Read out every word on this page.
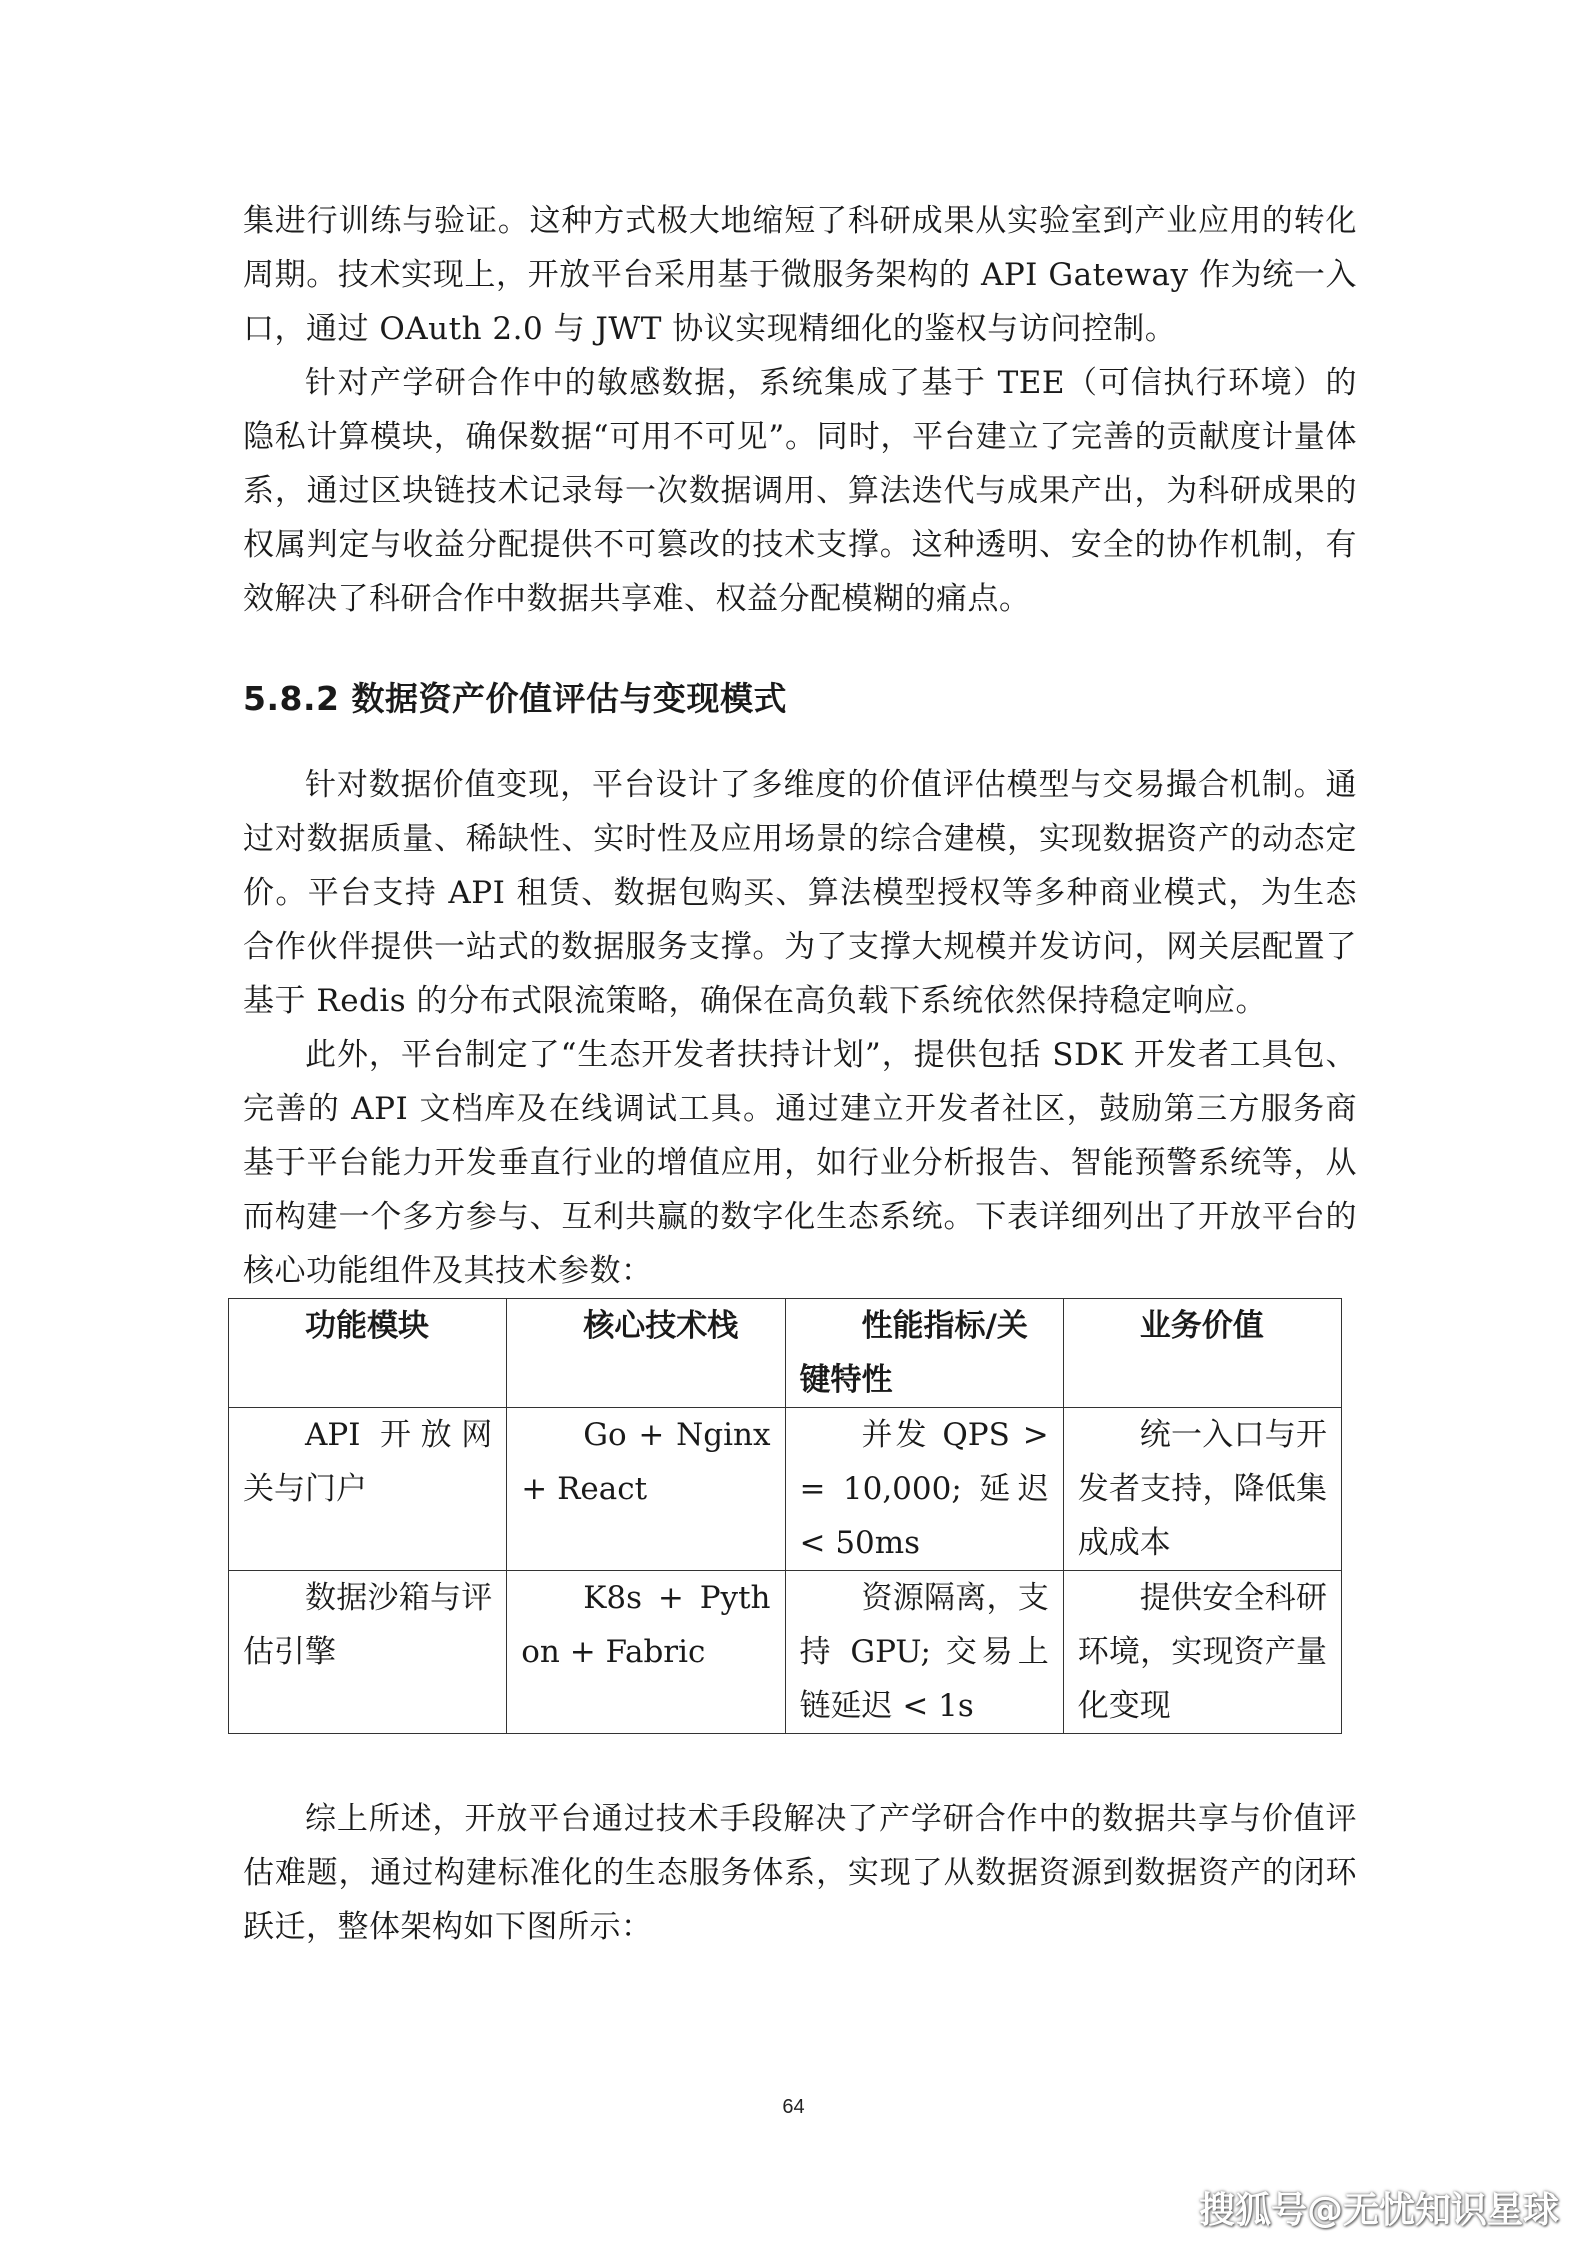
集进行训练与验证。这种方式极大地缩短了科研成果从实验室到产业应用的转化周期。技术实现上，开放平台采用基于微服务架构的 API Gateway 作为统一入口，通过 OAuth 2.0 与 JWT 协议实现精细化的鉴权与访问控制。

针对产学研合作中的敏感数据，系统集成了基于 TEE（可信执行环境）的隐私计算模块，确保数据“可用不可见”。同时，平台建立了完善的贡献度计量体系，通过区块链技术记录每一次数据调用、算法迭代与成果产出，为科研成果的权属判定与收益分配提供不可篡改的技术支撑。这种透明、安全的协作机制，有效解决了科研合作中数据共享难、权益分配模糊的痛点。

5.8.2 数据资产价值评估与变现模式

针对数据价值变现，平台设计了多维度的价值评估模型与交易撮合机制。通过对数据质量、稀缺性、实时性及应用场景的综合建模，实现数据资产的动态定价。平台支持 API 租赁、数据包购买、算法模型授权等多种商业模式，为生态合作伙伴提供一站式的数据服务支撑。为了支撑大规模并发访问，网关层配置了基于 Redis 的分布式限流策略，确保在高负载下系统依然保持稳定响应。

此外，平台制定了“生态开发者扶持计划”，提供包括 SDK 开发者工具包、完善的 API 文档库及在线调试工具。通过建立开发者社区，鼓励第三方服务商基于平台能力开发垂直行业的增值应用，如行业分析报告、智能预警系统等，从而构建一个多方参与、互利共赢的数字化生态系统。下表详细列出了开放平台的核心功能组件及其技术参数：

功能模块	核心技术栈	性能指标/关键特性	业务价值
API 开放网关与门户	Go + Nginx + React	并发 QPS >= 10,000; 延迟 < 50ms	统一入口与开发者支持，降低集成成本
数据沙箱与评估引擎	K8s + Python + Fabric	资源隔离，支持 GPU; 交易上链延迟 < 1s	提供安全科研环境，实现资产量化变现

综上所述，开放平台通过技术手段解决了产学研合作中的数据共享与价值评估难题，通过构建标准化的生态服务体系，实现了从数据资源到数据资产的闭环跃迁，整体架构如下图所示：

64
搜狐号@无忧知识星球
